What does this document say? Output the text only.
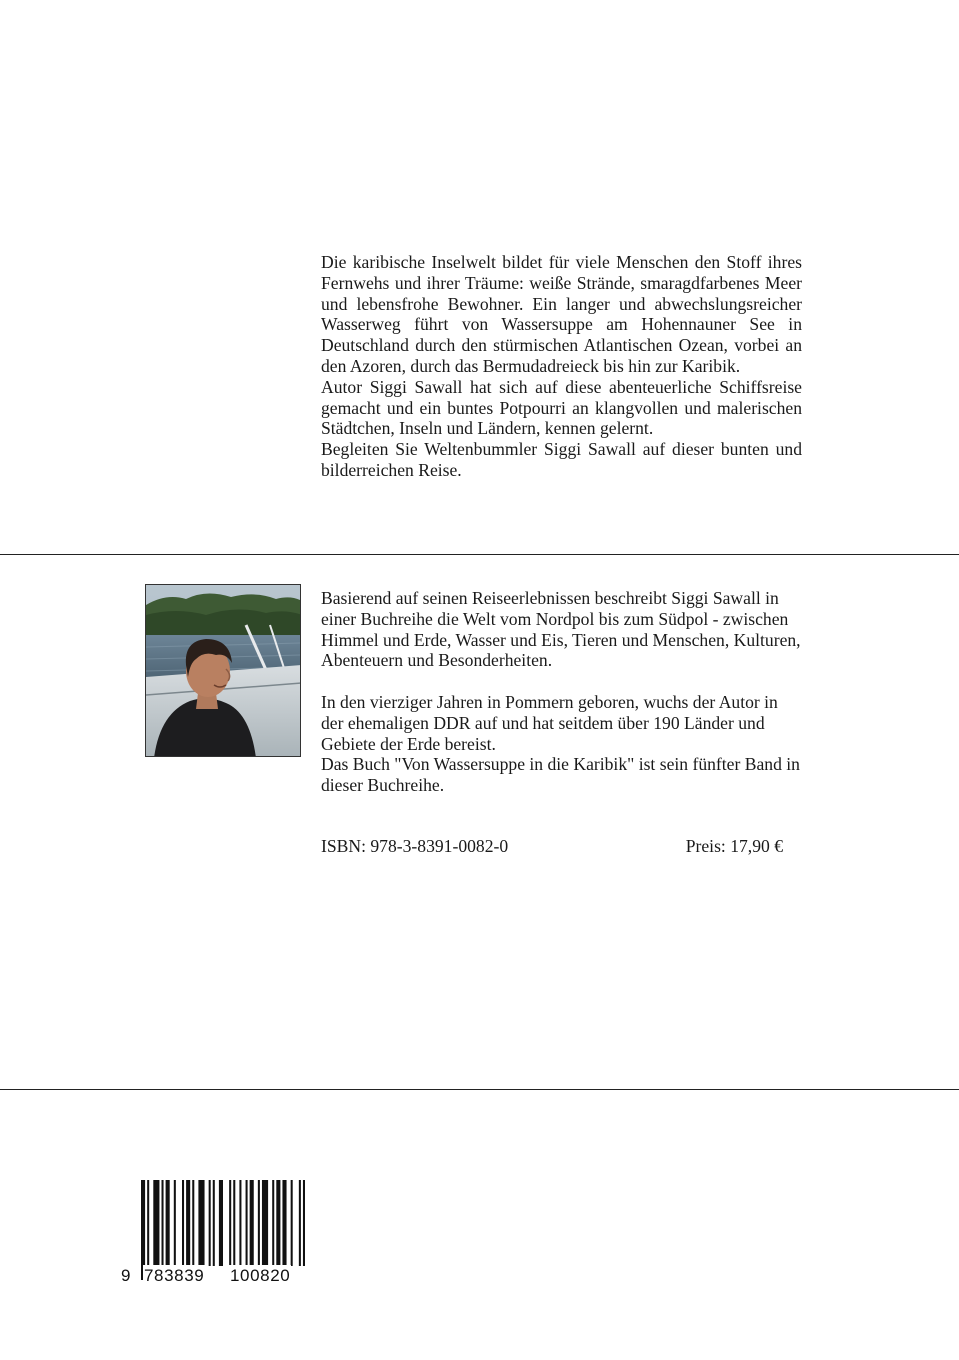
Die karibische Inselwelt bildet für viele Menschen den Stoff ihres Fernwehs und ihrer Träume: weiße Strände, smaragdfarbenes Meer und lebensfrohe Bewohner. Ein langer und abwechslungsreicher Wasserweg führt von Wassersuppe am Hohennauner See in Deutschland durch den stürmischen Atlantischen Ozean, vorbei an den Azoren, durch das Bermudadreieck bis hin zur Karibik.

Autor Siggi Sawall hat sich auf diese abenteuerliche Schiffsreise gemacht und ein buntes Potpourri an klangvollen und malerischen Städtchen, Inseln und Ländern, kennen gelernt.

Begleiten Sie Weltenbummler Siggi Sawall auf dieser bunten und bilderreichen Reise.

Basierend auf seinen Reiseerlebnissen beschreibt Siggi Sawall in einer Buchreihe die Welt vom Nordpol bis zum Südpol - zwischen Himmel und Erde, Wasser und Eis, Tieren und Menschen, Kulturen, Abenteuern und Besonderheiten.

In den vierziger Jahren in Pommern geboren, wuchs der Autor in der ehemaligen DDR auf und hat seitdem über 190 Länder und Gebiete der Erde bereist.

Das Buch "Von Wassersuppe in die Karibik" ist sein fünfter Band in dieser Buchreihe.

ISBN: 978-3-8391-0082-0	Preis: 17,90 €
9 783839 100820
